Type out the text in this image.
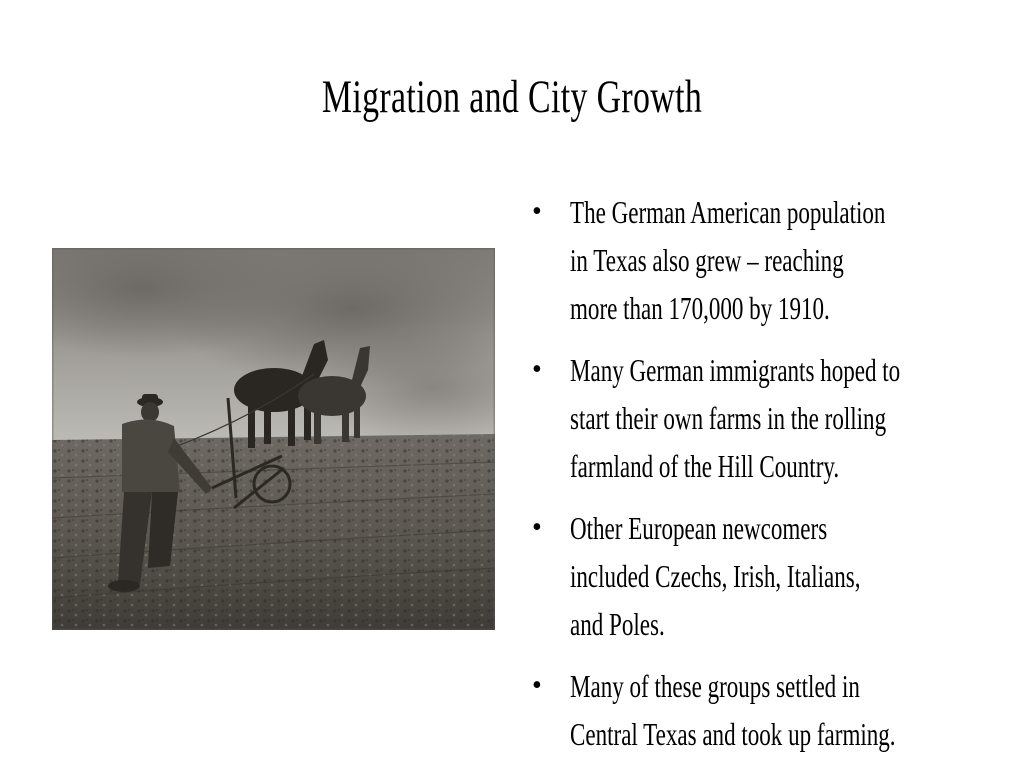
Migration and City Growth
• The German American population
in Texas also grew – reaching
more than 170,000 by 1910.
• Many German immigrants hoped to
start their own farms in the rolling
farmland of the Hill Country.
• Other European newcomers
included Czechs, Irish, Italians,
and Poles.
• Many of these groups settled in
Central Texas and took up farming.
